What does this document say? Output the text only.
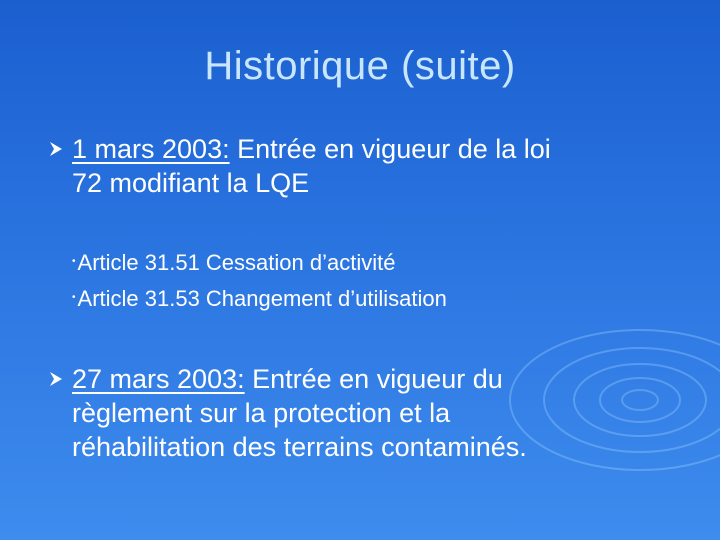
Historique (suite)
1 mars 2003: Entrée en vigueur de la loi
72 modifiant la LQE
•Article 31.51 Cessation d’activité
•Article 31.53 Changement d’utilisation
27 mars 2003: Entrée en vigueur du
règlement sur la protection et la
réhabilitation des terrains contaminés.
